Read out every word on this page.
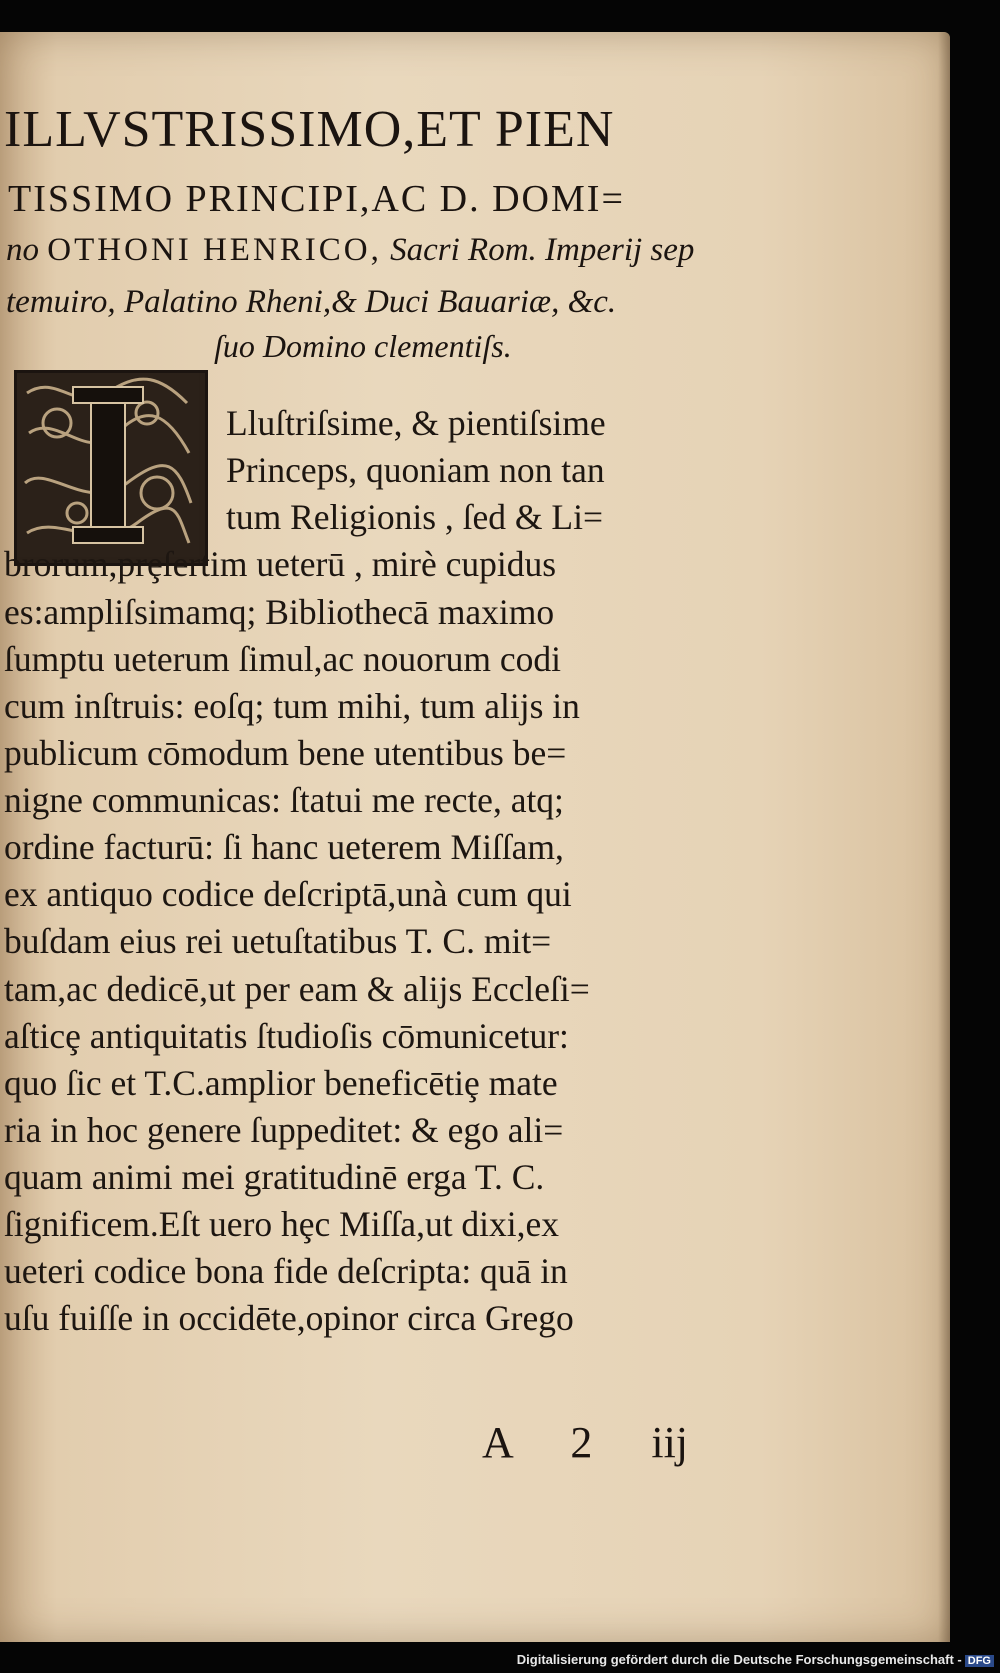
ILLVSTRISSIMO,ET PIEN
TISSIMO PRINCIPI,AC D. DOMI=
no OTHONI HENRICO, Sacri Rom. Imperij sep
temuiro, Palatino Rheni,& Duci Bauariæ, &c.
ſuo Domino clementiſs.
Lluſtriſsime, & pientiſsime
Princeps, quoniam non tan
tum Religionis , ſed & Li=
brorum,prȩſertim ueterū , mirè cupidus
es:ampliſsimamq; Bibliothecā maximo
ſumptu ueterum ſimul,ac nouorum codi
cum inſtruis: eoſq; tum mihi, tum alijs in
publicum cōmodum bene utentibus be=
nigne communicas: ſtatui me recte, atq;
ordine facturū: ſi hanc ueterem Miſſam,
ex antiquo codice deſcriptā,unà cum qui
buſdam eius rei uetuſtatibus T. C. mit=
tam,ac dedicē,ut per eam & alijs Eccleſi=
aſticȩ antiquitatis ſtudioſis cōmunicetur:
quo ſic et T.C.amplior beneficētiȩ mate
ria in hoc genere ſuppeditet: & ego ali=
quam animi mei gratitudinē erga T. C.
ſignificem.Eſt uero hȩc Miſſa,ut dixi,ex
ueteri codice bona fide deſcripta: quā in
uſu fuiſſe in occidēte,opinor circa Grego
A 2 iij
Digitalisierung gefördert durch die Deutsche Forschungsgemeinschaft - DFG
